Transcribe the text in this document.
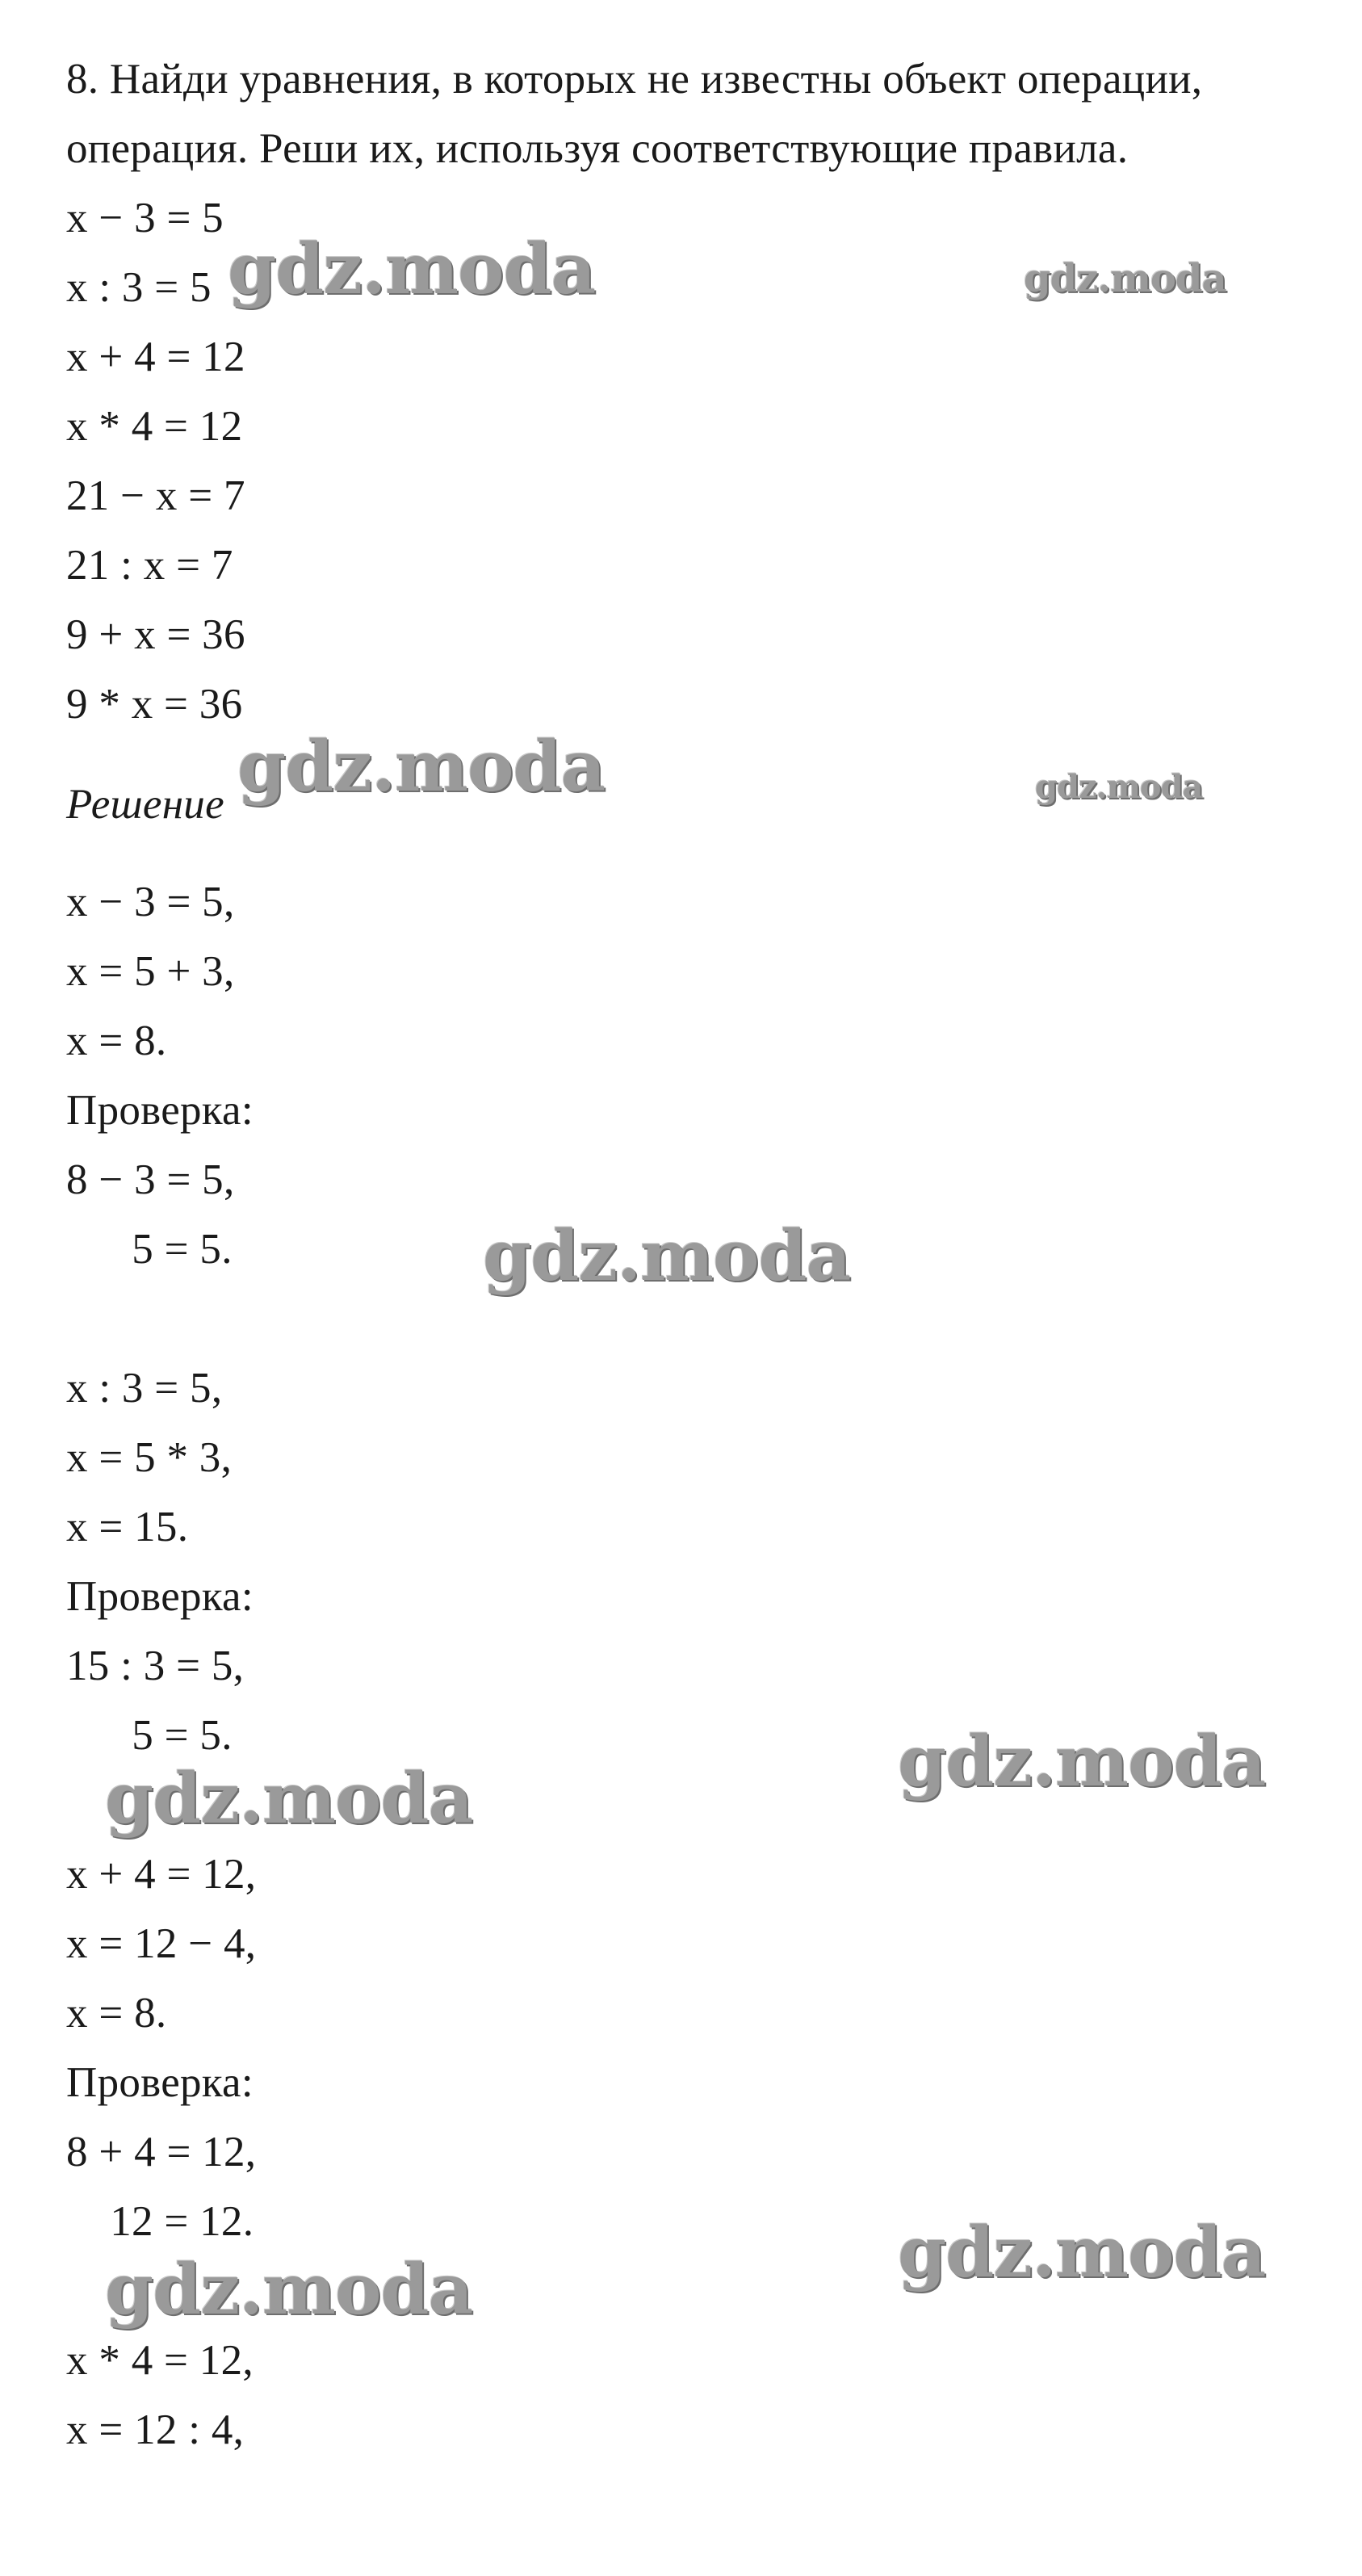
8. Найди уравнения, в которых не известны объект операции,
операция. Реши их, используя соответствующие правила.
x − 3 = 5
x : 3 = 5
x + 4 = 12
x * 4 = 12
21 − x = 7
21 : x = 7
9 + x = 36
9 * x = 36
Решение
x − 3 = 5,
x = 5 + 3,
x = 8.
Проверка:
8 − 3 = 5,
5 = 5.
x : 3 = 5,
x = 5 * 3,
x = 15.
Проверка:
15 : 3 = 5,
5 = 5.
x + 4 = 12,
x = 12 − 4,
x = 8.
Проверка:
8 + 4 = 12,
12 = 12.
x * 4 = 12,
x = 12 : 4,
gdz.moda	gdz.moda
gdz.moda	gdz.moda
gdz.moda
gdz.moda
gdz.moda
gdz.moda
gdz.moda
